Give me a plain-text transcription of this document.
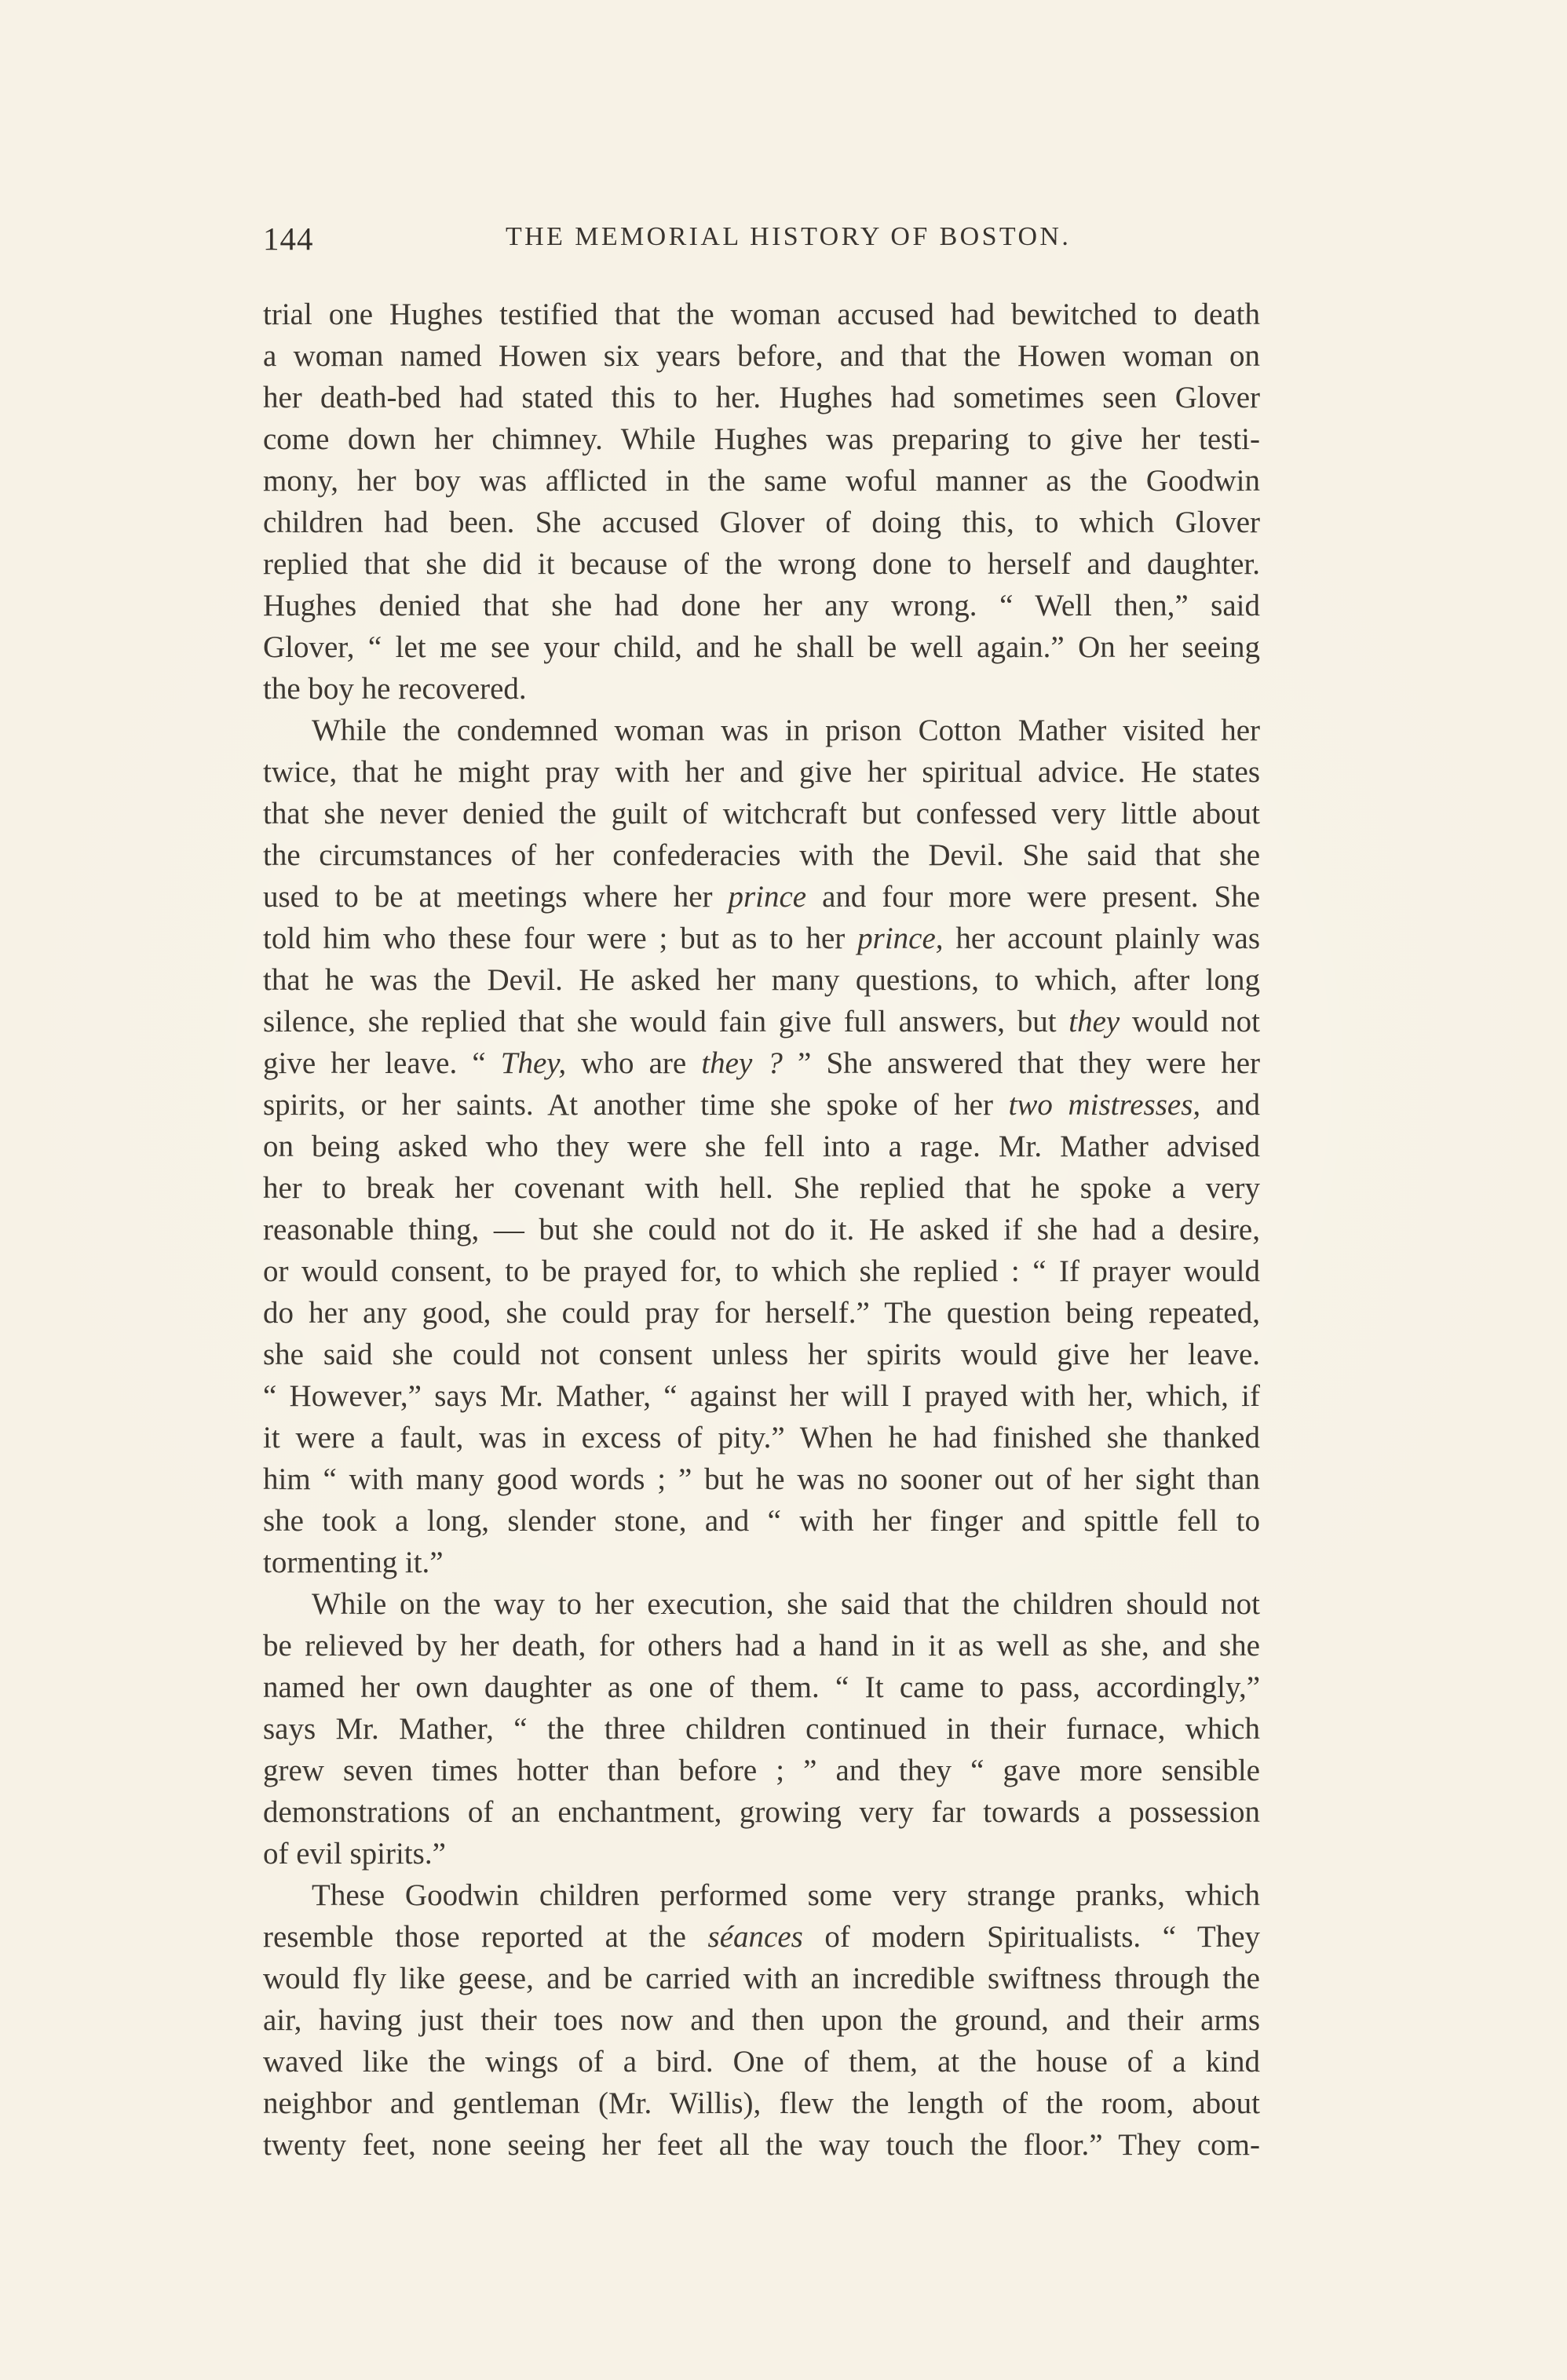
144	THE MEMORIAL HISTORY OF BOSTON.
trial one Hughes testified that the woman accused had bewitched to death
a woman named Howen six years before, and that the Howen woman on
her death-bed had stated this to her. Hughes had sometimes seen Glover
come down her chimney. While Hughes was preparing to give her testi-
mony, her boy was afflicted in the same woful manner as the Goodwin
children had been. She accused Glover of doing this, to which Glover
replied that she did it because of the wrong done to herself and daughter.
Hughes denied that she had done her any wrong. “ Well then,” said
Glover, “ let me see your child, and he shall be well again.” On her seeing
the boy he recovered.
While the condemned woman was in prison Cotton Mather visited her
twice, that he might pray with her and give her spiritual advice. He states
that she never denied the guilt of witchcraft but confessed very little about
the circumstances of her confederacies with the Devil. She said that she
used to be at meetings where her prince and four more were present. She
told him who these four were ; but as to her prince, her account plainly was
that he was the Devil. He asked her many questions, to which, after long
silence, she replied that she would fain give full answers, but they would not
give her leave. “ They, who are they ? ” She answered that they were her
spirits, or her saints. At another time she spoke of her two mistresses, and
on being asked who they were she fell into a rage. Mr. Mather advised
her to break her covenant with hell. She replied that he spoke a very
reasonable thing, — but she could not do it. He asked if she had a desire,
or would consent, to be prayed for, to which she replied : “ If prayer would
do her any good, she could pray for herself.” The question being repeated,
she said she could not consent unless her spirits would give her leave.
“ However,” says Mr. Mather, “ against her will I prayed with her, which, if
it were a fault, was in excess of pity.” When he had finished she thanked
him “ with many good words ; ” but he was no sooner out of her sight than
she took a long, slender stone, and “ with her finger and spittle fell to
tormenting it.”
While on the way to her execution, she said that the children should not
be relieved by her death, for others had a hand in it as well as she, and she
named her own daughter as one of them. “ It came to pass, accordingly,”
says Mr. Mather, “ the three children continued in their furnace, which
grew seven times hotter than before ; ” and they “ gave more sensible
demonstrations of an enchantment, growing very far towards a possession
of evil spirits.”
These Goodwin children performed some very strange pranks, which
resemble those reported at the séances of modern Spiritualists. “ They
would fly like geese, and be carried with an incredible swiftness through the
air, having just their toes now and then upon the ground, and their arms
waved like the wings of a bird. One of them, at the house of a kind
neighbor and gentleman (Mr. Willis), flew the length of the room, about
twenty feet, none seeing her feet all the way touch the floor.” They com-
